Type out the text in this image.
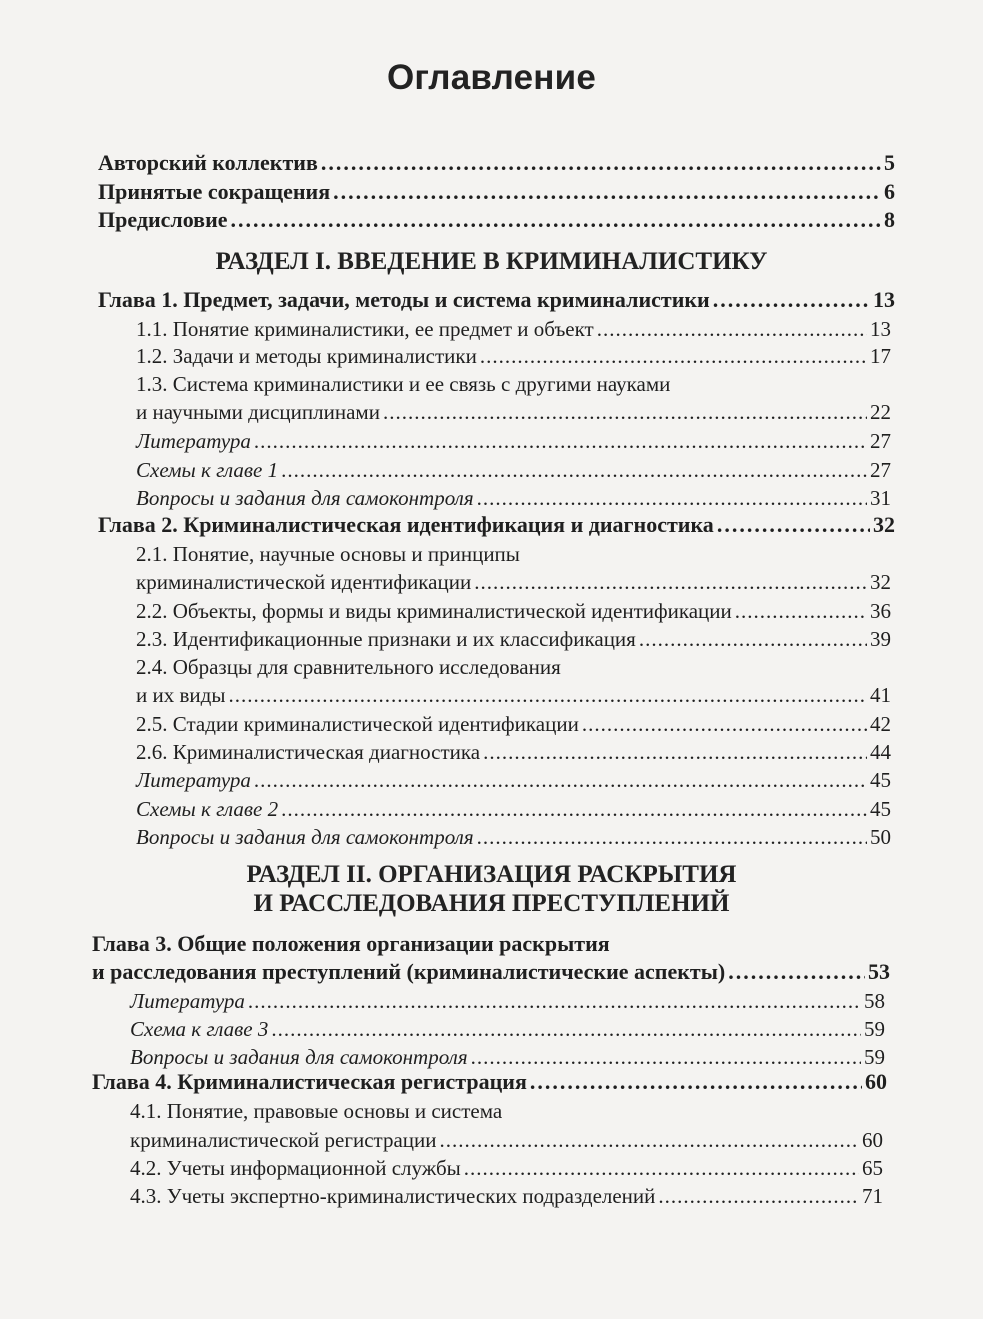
Оглавление
Авторский коллектив .....	5
Принятые сокращения .....	6
Предисловие .....	8
РАЗДЕЛ I. ВВЕДЕНИЕ В КРИМИНАЛИСТИКУ
Глава 1. Предмет, задачи, методы и система криминалистики .....	13
1.1. Понятие криминалистики, ее предмет и объект .....	13
1.2. Задачи и методы криминалистики .....	17
1.3. Система криминалистики и ее связь с другими науками
и научными дисциплинами .....	22
Литература .....	27
Схемы к главе 1 .....	27
Вопросы и задания для самоконтроля .....	31
Глава 2. Криминалистическая идентификация и диагностика .....	32
2.1. Понятие, научные основы и принципы
криминалистической идентификации .....	32
2.2. Объекты, формы и виды криминалистической идентификации .....	36
2.3. Идентификационные признаки и их классификация .....	39
2.4. Образцы для сравнительного исследования
и их виды .....	41
2.5. Стадии криминалистической идентификации .....	42
2.6. Криминалистическая диагностика .....	44
Литература .....	45
Схемы к главе 2 .....	45
Вопросы и задания для самоконтроля .....	50
РАЗДЕЛ II. ОРГАНИЗАЦИЯ РАСКРЫТИЯ
И РАССЛЕДОВАНИЯ ПРЕСТУПЛЕНИЙ
Глава 3. Общие положения организации раскрытия
и расследования преступлений (криминалистические аспекты) .....	53
Литература .....	58
Схема к главе 3 .....	59
Вопросы и задания для самоконтроля .....	59
Глава 4. Криминалистическая регистрация .....	60
4.1. Понятие, правовые основы и система
криминалистической регистрации .....	60
4.2. Учеты информационной службы .....	65
4.3. Учеты экспертно-криминалистических подразделений .....	71
